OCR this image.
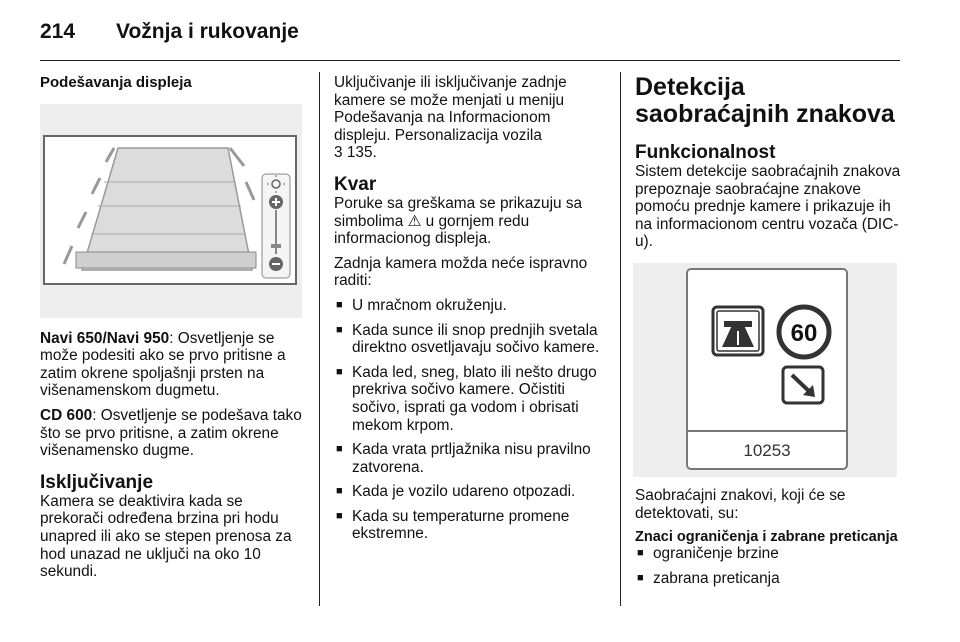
214	Vožnja i rukovanje
Podešavanja displeja

Navi 650/Navi 950: Osvetljenje se može podesiti ako se prvo pritisne a zatim okrene spoljašnji prsten na višenamenskom dugmetu.

CD 600: Osvetljenje se podešava tako što se prvo pritisne, a zatim okrene višenamensko dugme.

Isključivanje

Kamera se deaktivira kada se prekorači određena brzina pri hodu unapred ili ako se stepen prenosa za hod unazad ne uključi na oko 10 sekundi.

Uključivanje ili isključivanje zadnje kamere se može menjati u meniju Podešavanja na Informacionom displeju. Personalizacija vozila
3 135.

Kvar

Poruke sa greškama se prikazuju sa simbolima ⚠ u gornjem redu informacionog displeja.

Zadnja kamera možda neće ispravno raditi:

■ U mračnom okruženju.
■ Kada sunce ili snop prednjih svetala direktno osvetljavaju sočivo kamere.
■ Kada led, sneg, blato ili nešto drugo prekriva sočivo kamere. Očistiti sočivo, isprati ga vodom i obrisati mekom krpom.
■ Kada vrata prtljažnika nisu pravilno zatvorena.
■ Kada je vozilo udareno otpozadi.
■ Kada su temperaturne promene ekstremne.
Detekcija saobraćajnih znakova
Funkcionalnost

Sistem detekcije saobraćajnih znakova prepoznaje saobraćajne znakove pomoću prednje kamere i prikazuje ih na informacionom centru vozača (DIC-u).

60
10253

Saobraćajni znakovi, koji će se detektovati, su:

Znaci ograničenja i zabrane preticanja
■ ograničenje brzine
■ zabrana preticanja
